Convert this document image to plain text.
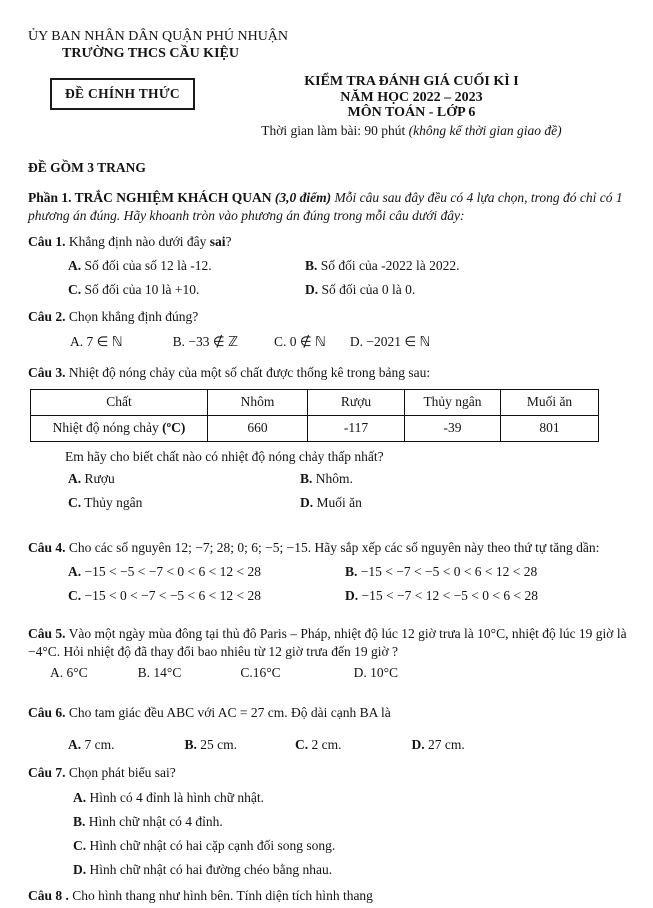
ỦY BAN NHÂN DÂN QUẬN PHÚ NHUẬN
TRƯỜNG THCS CẦU KIỆU
ĐỀ CHÍNH THỨC
KIỂM TRA ĐÁNH GIÁ CUỐI KÌ I
NĂM HỌC 2022 – 2023
MÔN TOÁN - LỚP 6
Thời gian làm bài: 90 phút (không kể thời gian giao đề)
ĐỀ GỒM 3 TRANG
Phần 1. TRẮC NGHIỆM KHÁCH QUAN (3,0 điểm) Mỗi câu sau đây đều có 4 lựa chọn, trong đó chỉ có 1 phương án đúng. Hãy khoanh tròn vào phương án đúng trong mỗi câu dưới đây:
Câu 1. Khẳng định nào dưới đây sai?
A. Số đối của số 12 là -12.	B. Số đối của -2022 là 2022.
C. Số đối của 10 là +10.	D. Số đối của 0 là 0.
Câu 2. Chọn khẳng định đúng?
A. 7 ∈ ℕ	B. −33 ∉ ℤ	C. 0 ∉ ℕ D. −2021 ∈ ℕ
Câu 3. Nhiệt độ nóng chảy của một số chất được thống kê trong bảng sau:
Chất	Nhôm	Rượu	Thủy ngân	Muối ăn
Nhiệt độ nóng chảy (ºC)	660	-117	-39	801
Em hãy cho biết chất nào có nhiệt độ nóng chảy thấp nhất?
A. Rượu	B. Nhôm.
C. Thủy ngân	D. Muối ăn
Câu 4. Cho các số nguyên 12; −7; 28; 0; 6; −5; −15. Hãy sắp xếp các số nguyên này theo thứ tự tăng dần:
A. −15 < −5 < −7 < 0 < 6 < 12 < 28	B. −15 < −7 < −5 < 0 < 6 < 12 < 28
C. −15 < 0 < −7 < −5 < 6 < 12 < 28	D. −15 < −7 < 12 < −5 < 0 < 6 < 28
Câu 5. Vào một ngày mùa đông tại thủ đô Paris – Pháp, nhiệt độ lúc 12 giờ trưa là 10°C, nhiệt độ lúc 19 giờ là −4°C. Hỏi nhiệt độ đã thay đổi bao nhiêu từ 12 giờ trưa đến 19 giờ ?
A. 6°C	B. 14°C	C.16°C	D. 10°C
Câu 6. Cho tam giác đều ABC với AC = 27 cm. Độ dài cạnh BA là
A. 7 cm.	B. 25 cm.	C. 2 cm.	D. 27 cm.
Câu 7. Chọn phát biểu sai?
A. Hình có 4 đỉnh là hình chữ nhật.
B. Hình chữ nhật có 4 đỉnh.
C. Hình chữ nhật có hai cặp cạnh đối song song.
D. Hình chữ nhật có hai đường chéo bằng nhau.
Câu 8 . Cho hình thang như hình bên. Tính diện tích hình thang
